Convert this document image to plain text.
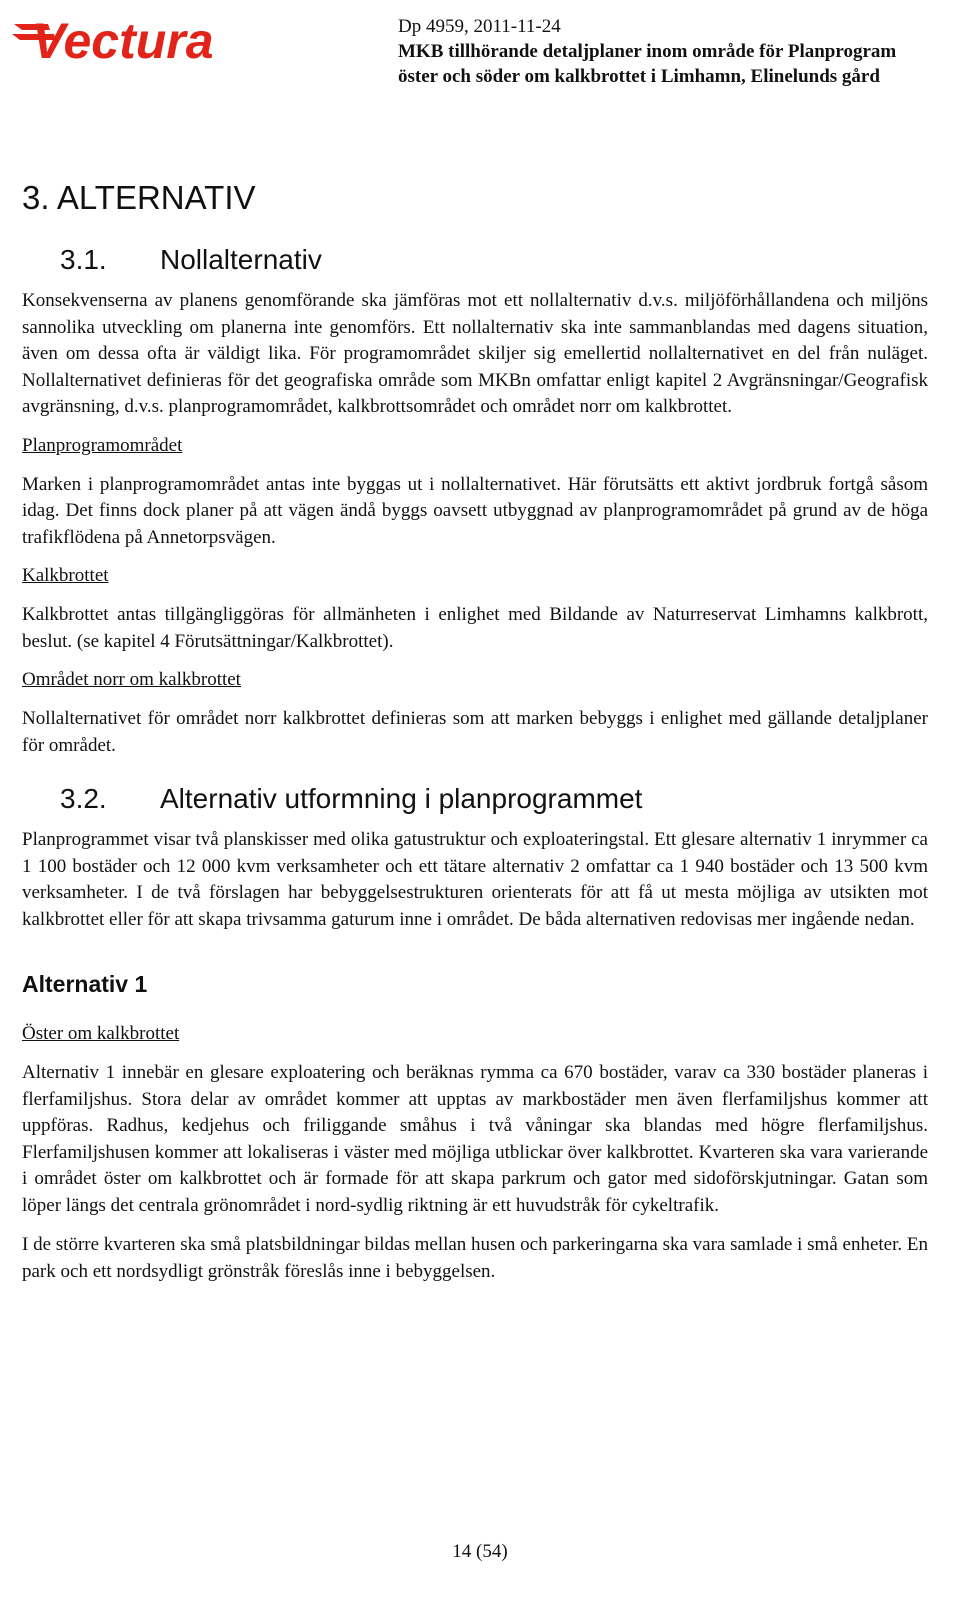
Vectura	Dp 4959, 2011-11-24
MKB tillhörande detaljplaner inom område för Planprogram
öster och söder om kalkbrottet i Limhamn, Elinelunds gård
3. ALTERNATIV
3.1.	Nollalternativ

Konsekvenserna av planens genomförande ska jämföras mot ett nollalternativ d.v.s. miljöförhållandena och miljöns sannolika utveckling om planerna inte genomförs. Ett nollalternativ ska inte sammanblandas med dagens situation, även om dessa ofta är väldigt lika. För programområdet skiljer sig emellertid nollalternativet en del från nuläget. Nollalternativet definieras för det geografiska område som MKBn omfattar enligt kapitel 2 Avgränsningar/Geografisk avgränsning, d.v.s. planprogramområdet, kalkbrottsområdet och området norr om kalkbrottet.

Planprogramområdet

Marken i planprogramområdet antas inte byggas ut i nollalternativet. Här förutsätts ett aktivt jordbruk fortgå såsom idag. Det finns dock planer på att vägen ändå byggs oavsett utbyggnad av planprogramområdet på grund av de höga trafikflödena på Annetorpsvägen.

Kalkbrottet

Kalkbrottet antas tillgängliggöras för allmänheten i enlighet med Bildande av Naturreservat Limhamns kalkbrott, beslut. (se kapitel 4 Förutsättningar/Kalkbrottet).

Området norr om kalkbrottet

Nollalternativet för området norr kalkbrottet definieras som att marken bebyggs i enlighet med gällande detaljplaner för området.

3.2.	Alternativ utformning i planprogrammet

Planprogrammet visar två planskisser med olika gatustruktur och exploateringstal. Ett glesare alternativ 1 inrymmer ca 1 100 bostäder och 12 000 kvm verksamheter och ett tätare alternativ 2 omfattar ca 1 940 bostäder och 13 500 kvm verksamheter. I de två förslagen har bebyggelsestrukturen orienterats för att få ut mesta möjliga av utsikten mot kalkbrottet eller för att skapa trivsamma gaturum inne i området. De båda alternativen redovisas mer ingående nedan.

Alternativ 1
Öster om kalkbrottet

Alternativ 1 innebär en glesare exploatering och beräknas rymma ca 670 bostäder, varav ca 330 bostäder planeras i flerfamiljshus. Stora delar av området kommer att upptas av markbostäder men även flerfamiljshus kommer att uppföras. Radhus, kedjehus och friliggande småhus i två våningar ska blandas med högre flerfamiljshus. Flerfamiljshusen kommer att lokaliseras i väster med möjliga utblickar över kalkbrottet. Kvarteren ska vara varierande i området öster om kalkbrottet och är formade för att skapa parkrum och gator med sidoförskjutningar. Gatan som löper längs det centrala grönområdet i nord-sydlig riktning är ett huvudstråk för cykeltrafik.

I de större kvarteren ska små platsbildningar bildas mellan husen och parkeringarna ska vara samlade i små enheter. En park och ett nordsydligt grönstråk föreslås inne i bebyggelsen.

14 (54)
